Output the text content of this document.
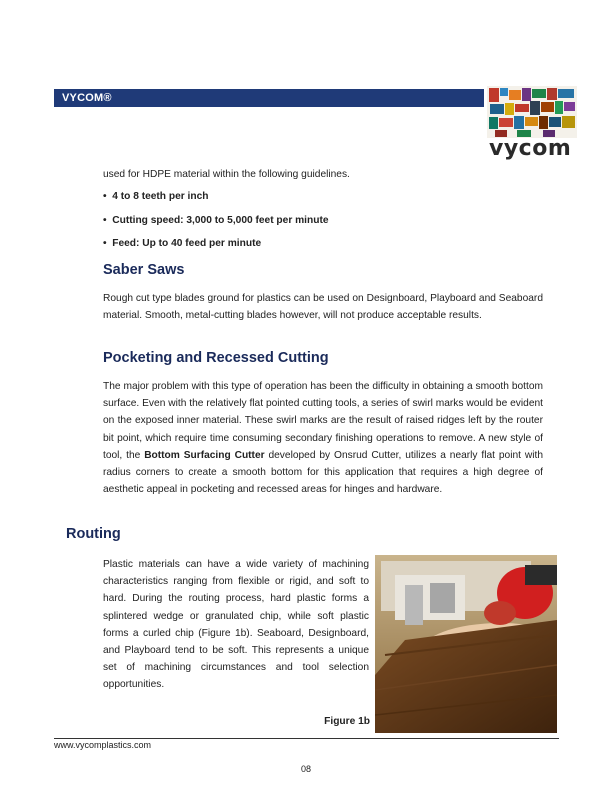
VYCOM®
vycom
used for HDPE material within the following guidelines.
• 4 to 8 teeth per inch
• Cutting speed: 3,000 to 5,000 feet per minute
• Feed: Up to 40 feed per minute
Saber Saws
Rough cut type blades ground for plastics can be used on Designboard, Playboard and Seaboard material. Smooth, metal-cutting blades however, will not produce acceptable results.
Pocketing and Recessed Cutting
The major problem with this type of operation has been the difficulty in obtaining a smooth bottom surface. Even with the relatively flat pointed cutting tools, a series of swirl marks would be evident on the exposed inner material. These swirl marks are the result of raised ridges left by the router bit point, which require time consuming secondary finishing operations to remove. A new style of tool, the Bottom Surfacing Cutter developed by Onsrud Cutter, utilizes a nearly flat point with radius corners to create a smooth bottom for this application that requires a high degree of aesthetic appeal in pocketing and recessed areas for hinges and hardware.
Routing
Plastic materials can have a wide variety of machining characteristics ranging from flexible or rigid, and soft to hard. During the routing process, hard plastic forms a splintered wedge or granulated chip, while soft plastic forms a curled chip (Figure 1b). Seaboard, Designboard, and Playboard tend to be soft. This represents a unique set of machining circumstances and tool selection opportunities.
Figure 1b
www.vycomplastics.com
08
